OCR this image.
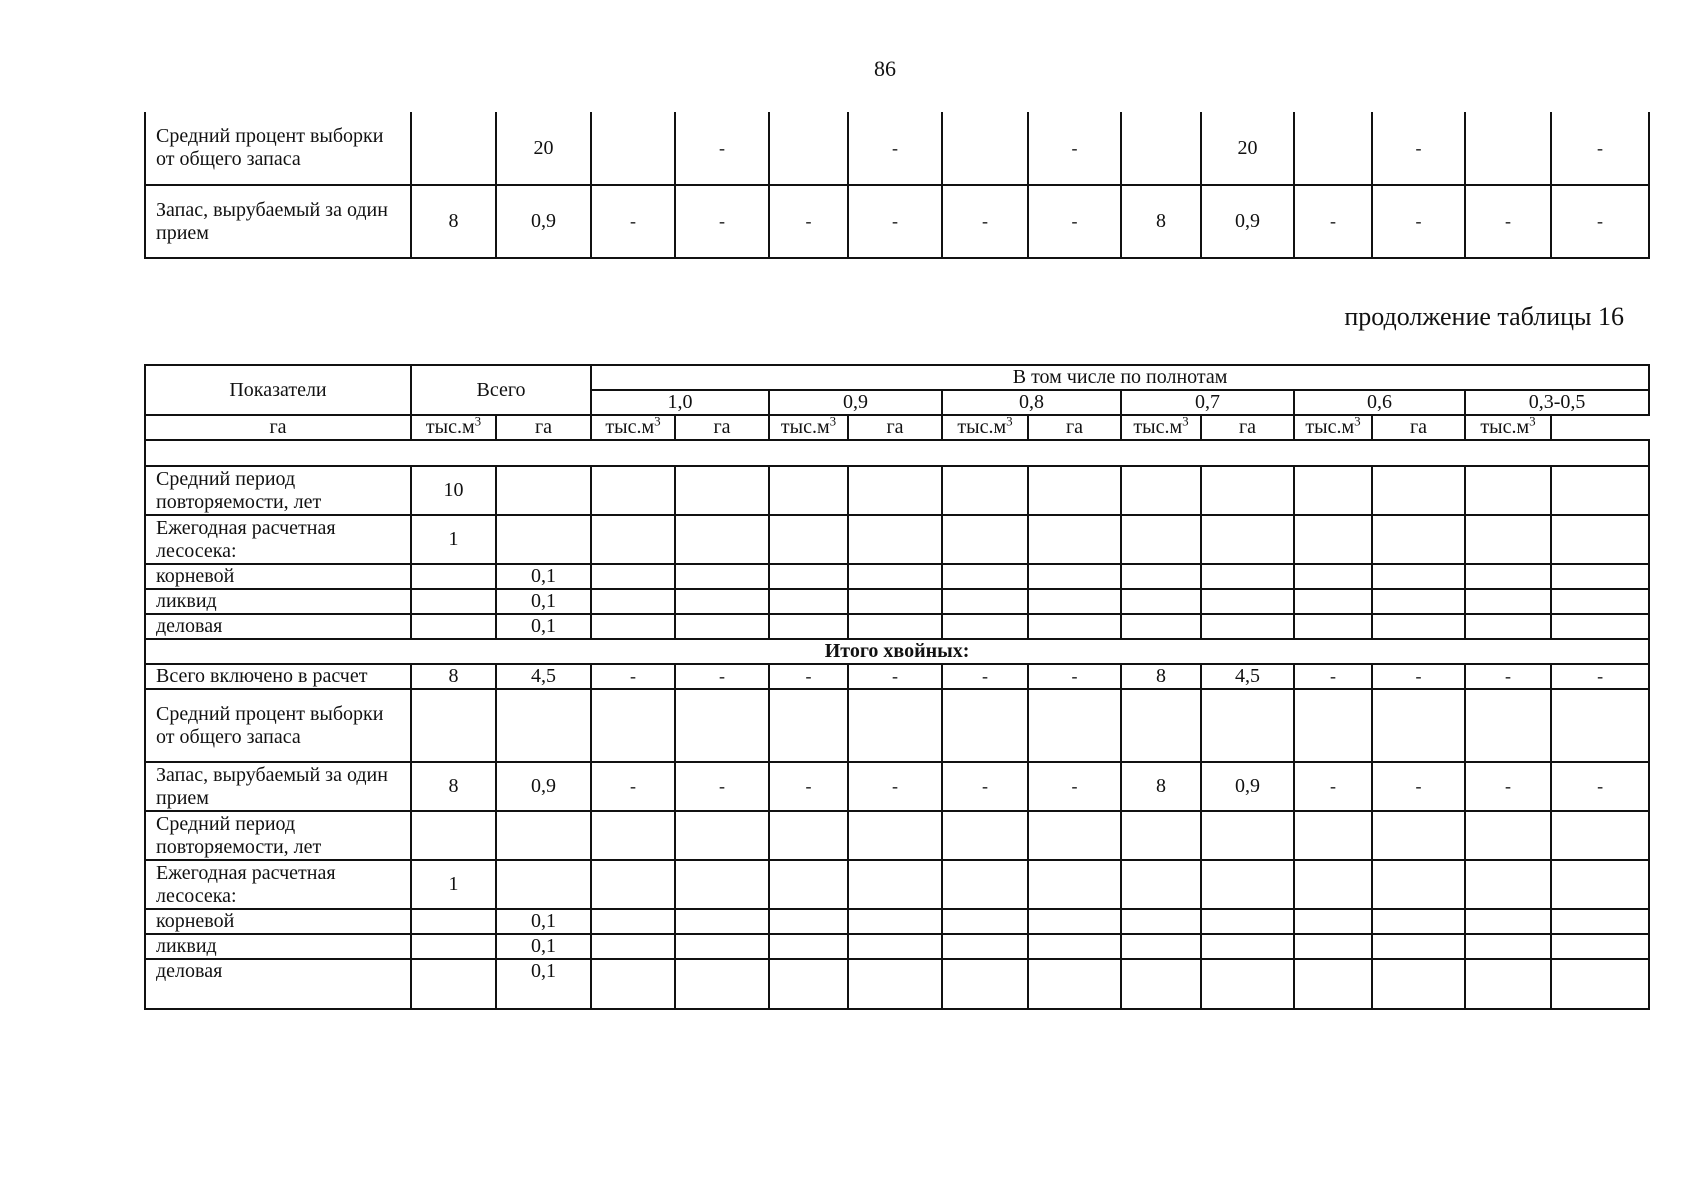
86
Средний процент выборки от общего запаса		20		-		-		-		20		-		-
Запас, вырубаемый за один прием	8	0,9	-	-	-	-	-	-	8	0,9	-	-	-	-
продолжение таблицы 16
Показатели	Всего		В том числе по полнотам											
			1,0		0,9		0,8		0,7		0,6		0,3-0,5	
га	$тыс.м^3$	га	$тыс.м^3$	га	$тыс.м^3$	га	$тыс.м^3$	га	$тыс.м^3$	га	$тыс.м^3$	га	$тыс.м^3$

Средний период повторяемости, лет	10													
Ежегодная расчетная лесосека:	1													
корневой		0,1												
ликвид		0,1												
деловая		0,1												
Итого хвойных:														
Всего включено в расчет	8	4,5	-	-	-	-	-	-	8	4,5	-	-	-	-
Средний процент выборки от общего запаса														
Запас, вырубаемый за один прием	8	0,9	-	-	-	-	-	-	8	0,9	-	-	-	-
Средний период повторяемости, лет														
Ежегодная расчетная лесосека:	1													
корневой		0,1												
ликвид		0,1												
деловая		0,1												
